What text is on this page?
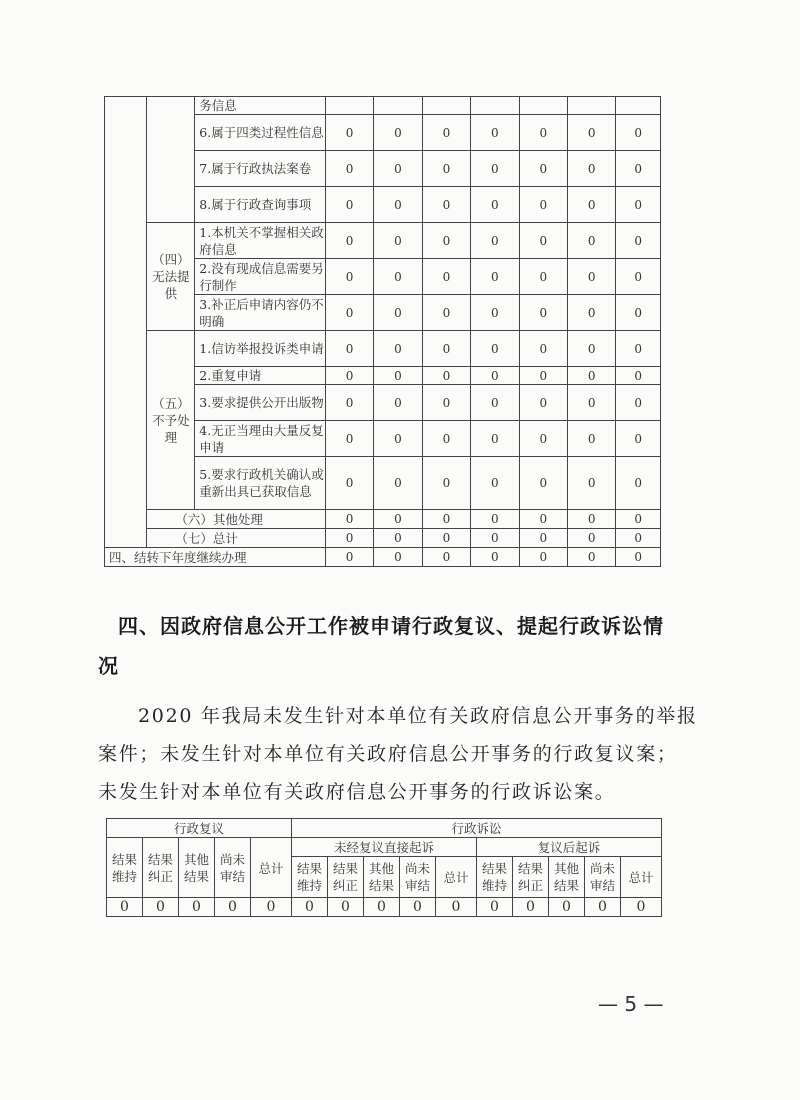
		务信息							
		6.属于四类过程性信息	0	0	0	0	0	0	0
		7.属于行政执法案卷	0	0	0	0	0	0	0
		8.属于行政查询事项	0	0	0	0	0	0	0
	（四）无法提供	1.本机关不掌握相关政府信息	0	0	0	0	0	0	0
		2.没有现成信息需要另行制作	0	0	0	0	0	0	0
		3.补正后申请内容仍不明确	0	0	0	0	0	0	0
	（五）不予处理	1.信访举报投诉类申请	0	0	0	0	0	0	0
		2.重复申请	0	0	0	0	0	0	0
		3.要求提供公开出版物	0	0	0	0	0	0	0
		4.无正当理由大量反复申请	0	0	0	0	0	0	0
		5.要求行政机关确认或重新出具已获取信息	0	0	0	0	0	0	0
	（六）其他处理		0	0	0	0	0	0	0
	（七）总计		0	0	0	0	0	0	0
四、结转下年度继续办理			0	0	0	0	0	0	0
四、因政府信息公开工作被申请行政复议、提起行政诉讼情
况
2020 年我局未发生针对本单位有关政府信息公开事务的举报案件；未发生针对本单位有关政府信息公开事务的行政复议案；未发生针对本单位有关政府信息公开事务的行政诉讼案。
行政复议					行政诉讼									
结果维持	结果纠正	其他结果	尚未审结	总计	未经复议直接起诉					复议后起诉				
					结果维持	结果纠正	其他结果	尚未审结	总计	结果维持	结果纠正	其他结果	尚未审结	总计
0	0	0	0	0	0	0	0	0	0	0	0	0	0	0
— 5 —
